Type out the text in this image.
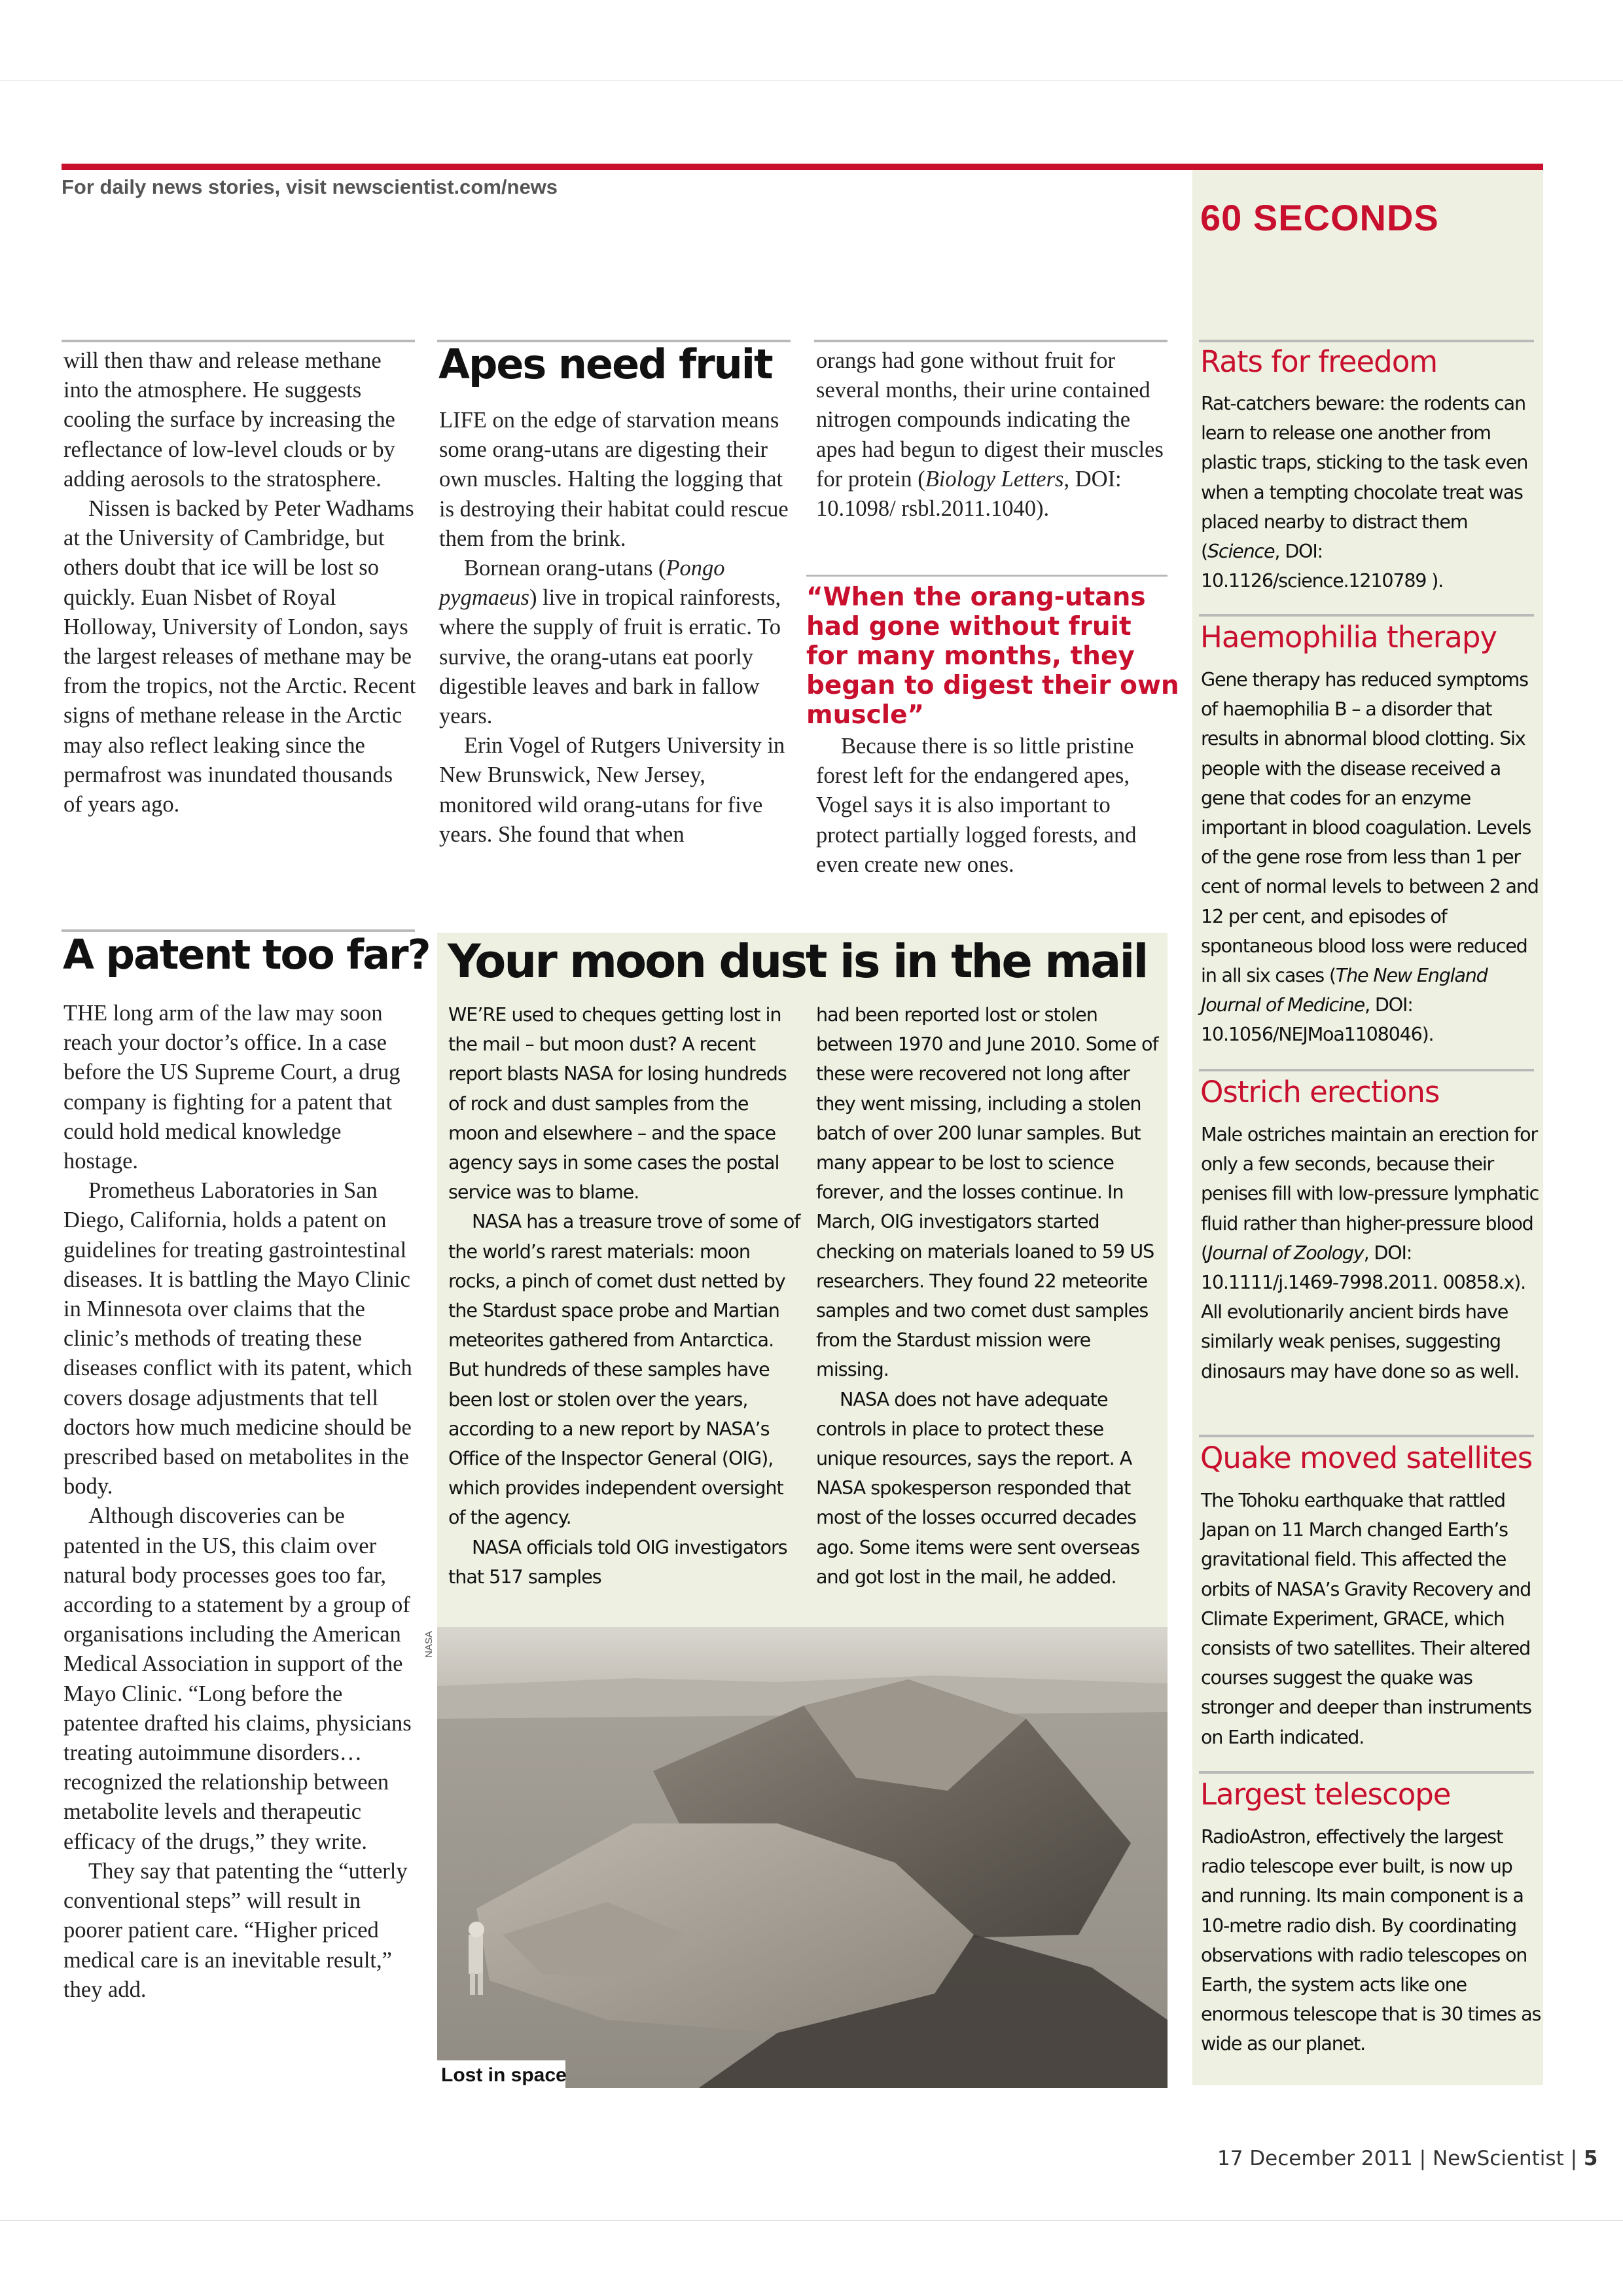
For daily news stories, visit newscientist.com/news
60 SECONDS

will then thaw and release methane into the atmosphere. He suggests cooling the surface by increasing the reflectance of low-level clouds or by adding aerosols to the stratosphere.

Nissen is backed by Peter Wadhams at the University of Cambridge, but others doubt that ice will be lost so quickly. Euan Nisbet of Royal Holloway, University of London, says the largest releases of methane may be from the tropics, not the Arctic. Recent signs of methane release in the Arctic may also reflect leaking since the permafrost was inundated thousands of years ago.

Apes need fruit

LIFE on the edge of starvation means some orang-utans are digesting their own muscles. Halting the logging that is destroying their habitat could rescue them from the brink.

Bornean orang-utans (Pongo pygmaeus) live in tropical rainforests, where the supply of fruit is erratic. To survive, the orang-utans eat poorly digestible leaves and bark in fallow years.

Erin Vogel of Rutgers University in New Brunswick, New Jersey, monitored wild orang-utans for five years. She found that when

orangs had gone without fruit for several months, their urine contained nitrogen compounds indicating the apes had begun to digest their muscles for protein (Biology Letters, DOI: 10.1098/ rsbl.2011.1040).

“When the orang-utans had gone without fruit for many months, they began to digest their own muscle”

Because there is so little pristine forest left for the endangered apes, Vogel says it is also important to protect partially logged forests, and even create new ones.

A patent too far?

THE long arm of the law may soon reach your doctor’s office. In a case before the US Supreme Court, a drug company is fighting for a patent that could hold medical knowledge hostage.

Prometheus Laboratories in San Diego, California, holds a patent on guidelines for treating gastrointestinal diseases. It is battling the Mayo Clinic in Minnesota over claims that the clinic’s methods of treating these diseases conflict with its patent, which covers dosage adjustments that tell doctors how much medicine should be prescribed based on metabolites in the body.

Although discoveries can be patented in the US, this claim over natural body processes goes too far, according to a statement by a group of organisations including the American Medical Association in support of the Mayo Clinic. “Long before the patentee drafted his claims, physicians treating autoimmune disorders… recognized the relationship between metabolite levels and therapeutic efficacy of the drugs,” they write.

They say that patenting the “utterly conventional steps” will result in poorer patient care. “Higher priced medical care is an inevitable result,” they add.

Your moon dust is in the mail

WE’RE used to cheques getting lost in the mail – but moon dust? A recent report blasts NASA for losing hundreds of rock and dust samples from the moon and elsewhere – and the space agency says in some cases the postal service was to blame.

NASA has a treasure trove of some of the world’s rarest materials: moon rocks, a pinch of comet dust netted by the Stardust space probe and Martian meteorites gathered from Antarctica. But hundreds of these samples have been lost or stolen over the years, according to a new report by NASA’s Office of the Inspector General (OIG), which provides independent oversight of the agency.

NASA officials told OIG investigators that 517 samples

had been reported lost or stolen between 1970 and June 2010. Some of these were recovered not long after they went missing, including a stolen batch of over 200 lunar samples. But many appear to be lost to science forever, and the losses continue. In March, OIG investigators started checking on materials loaned to 59 US researchers. They found 22 meteorite samples and two comet dust samples from the Stardust mission were missing.

NASA does not have adequate controls in place to protect these unique resources, says the report. A NASA spokesperson responded that most of the losses occurred decades ago. Some items were sent overseas and got lost in the mail, he added.

NASA
Lost in space
Rats for freedom

Rat-catchers beware: the rodents can learn to release one another from plastic traps, sticking to the task even when a tempting chocolate treat was placed nearby to distract them (Science, DOI: 10.1126/science.1210789 ).

Haemophilia therapy

Gene therapy has reduced symptoms of haemophilia B – a disorder that results in abnormal blood clotting. Six people with the disease received a gene that codes for an enzyme important in blood coagulation. Levels of the gene rose from less than 1 per cent of normal levels to between 2 and 12 per cent, and episodes of spontaneous blood loss were reduced in all six cases (The New England Journal of Medicine, DOI: 10.1056/NEJMoa1108046).

Ostrich erections

Male ostriches maintain an erection for only a few seconds, because their penises fill with low-pressure lymphatic fluid rather than higher-pressure blood (Journal of Zoology, DOI: 10.1111/j.1469-7998.2011. 00858.x). All evolutionarily ancient birds have similarly weak penises, suggesting dinosaurs may have done so as well.

Quake moved satellites

The Tohoku earthquake that rattled Japan on 11 March changed Earth’s gravitational field. This affected the orbits of NASA’s Gravity Recovery and Climate Experiment, GRACE, which consists of two satellites. Their altered courses suggest the quake was stronger and deeper than instruments on Earth indicated.

Largest telescope

RadioAstron, effectively the largest radio telescope ever built, is now up and running. Its main component is a 10-metre radio dish. By coordinating observations with radio telescopes on Earth, the system acts like one enormous telescope that is 30 times as wide as our planet.

17 December 2011 | NewScientist | 5
